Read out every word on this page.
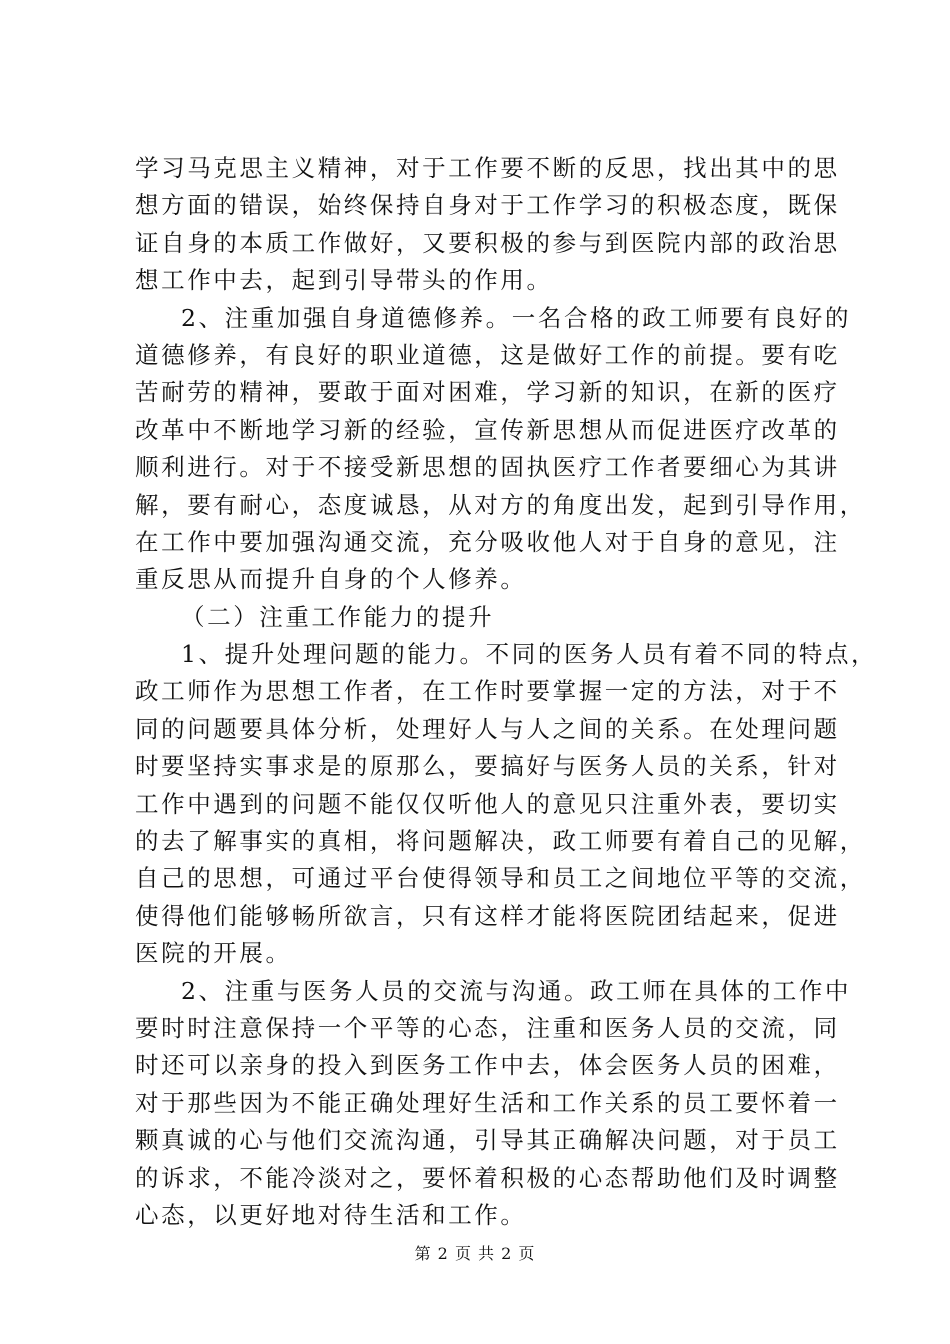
学习马克思主义精神，对于工作要不断的反思，找出其中的思
想方面的错误，始终保持自身对于工作学习的积极态度，既保
证自身的本质工作做好，又要积极的参与到医院内部的政治思
想工作中去，起到引导带头的作用。
2、注重加强自身道德修养。一名合格的政工师要有良好的
道德修养，有良好的职业道德，这是做好工作的前提。要有吃
苦耐劳的精神，要敢于面对困难，学习新的知识，在新的医疗
改革中不断地学习新的经验，宣传新思想从而促进医疗改革的
顺利进行。对于不接受新思想的固执医疗工作者要细心为其讲
解，要有耐心，态度诚恳，从对方的角度出发，起到引导作用，
在工作中要加强沟通交流，充分吸收他人对于自身的意见，注
重反思从而提升自身的个人修养。
（二）注重工作能力的提升
1、提升处理问题的能力。不同的医务人员有着不同的特点，
政工师作为思想工作者，在工作时要掌握一定的方法，对于不
同的问题要具体分析，处理好人与人之间的关系。在处理问题
时要坚持实事求是的原那么，要搞好与医务人员的关系，针对
工作中遇到的问题不能仅仅听他人的意见只注重外表，要切实
的去了解事实的真相，将问题解决，政工师要有着自己的见解，
自己的思想，可通过平台使得领导和员工之间地位平等的交流，
使得他们能够畅所欲言，只有这样才能将医院团结起来，促进
医院的开展。
2、注重与医务人员的交流与沟通。政工师在具体的工作中
要时时注意保持一个平等的心态，注重和医务人员的交流，同
时还可以亲身的投入到医务工作中去，体会医务人员的困难，
对于那些因为不能正确处理好生活和工作关系的员工要怀着一
颗真诚的心与他们交流沟通，引导其正确解决问题，对于员工
的诉求，不能冷淡对之，要怀着积极的心态帮助他们及时调整
心态，以更好地对待生活和工作。
第 2 页 共 2 页
